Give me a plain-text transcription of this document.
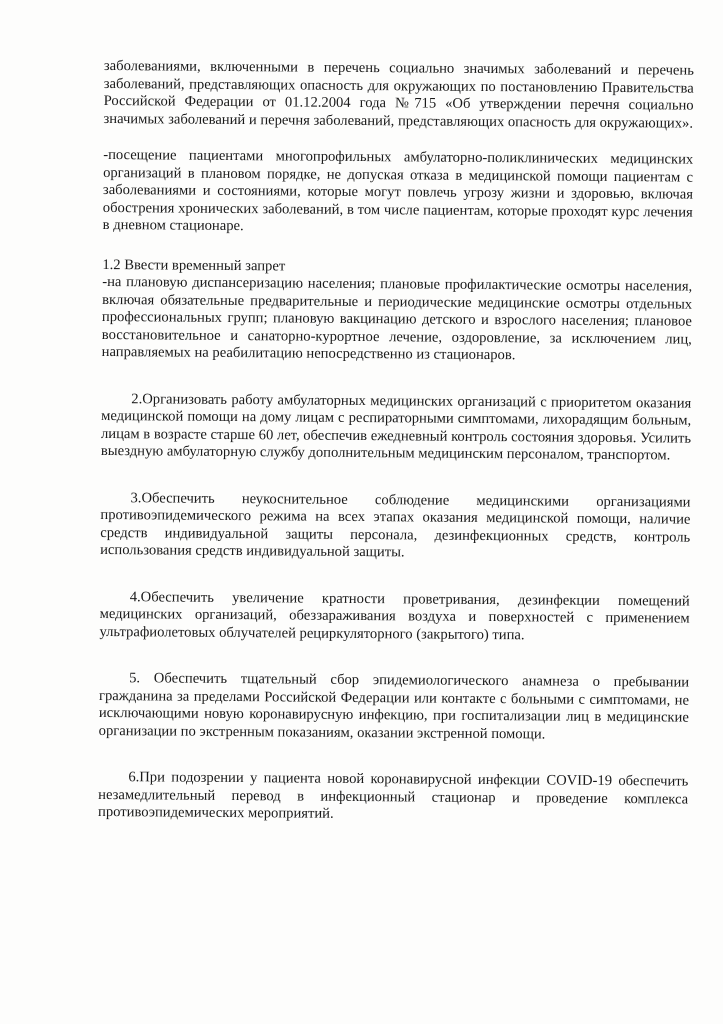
заболеваниями, включенными в перечень социально значимых заболеваний и перечень заболеваний, представляющих опасность для окружающих по постановлению Правительства Российской Федерации от 01.12.2004 года №715 «Об утверждении перечня социально значимых заболеваний и перечня заболеваний, представляющих опасность для окружающих».

-посещение пациентами многопрофильных амбулаторно-поликлинических медицинских организаций в плановом порядке, не допуская отказа в медицинской помощи пациентам с заболеваниями и состояниями, которые могут повлечь угрозу жизни и здоровью, включая обострения хронических заболеваний, в том числе пациентам, которые проходят курс лечения в дневном стационаре.

1.2 Ввести временный запрет

-на плановую диспансеризацию населения; плановые профилактические осмотры населения, включая обязательные предварительные и периодические медицинские осмотры отдельных профессиональных групп; плановую вакцинацию детского и взрослого населения; плановое восстановительное и санаторно-курортное лечение, оздоровление, за исключением лиц, направляемых на реабилитацию непосредственно из стационаров.

2.Организовать работу амбулаторных медицинских организаций с приоритетом оказания медицинской помощи на дому лицам с респираторными симптомами, лихорадящим больным, лицам в возрасте старше 60 лет, обеспечив ежедневный контроль состояния здоровья. Усилить выездную амбулаторную службу дополнительным медицинским персоналом, транспортом.

3.Обеспечить неукоснительное соблюдение медицинскими организациями противоэпидемического режима на всех этапах оказания медицинской помощи, наличие средств индивидуальной защиты персонала, дезинфекционных средств, контроль использования средств индивидуальной защиты.

4.Обеспечить увеличение кратности проветривания, дезинфекции помещений медицинских организаций, обеззараживания воздуха и поверхностей с применением ультрафиолетовых облучателей рециркуляторного (закрытого) типа.

5. Обеспечить тщательный сбор эпидемиологического анамнеза о пребывании гражданина за пределами Российской Федерации или контакте с больными с симптомами, не исключающими новую коронавирусную инфекцию, при госпитализации лиц в медицинские организации по экстренным показаниям, оказании экстренной помощи.

6.При подозрении у пациента новой коронавирусной инфекции COVID-19 обеспечить незамедлительный перевод в инфекционный стационар и проведение комплекса противоэпидемических мероприятий.
